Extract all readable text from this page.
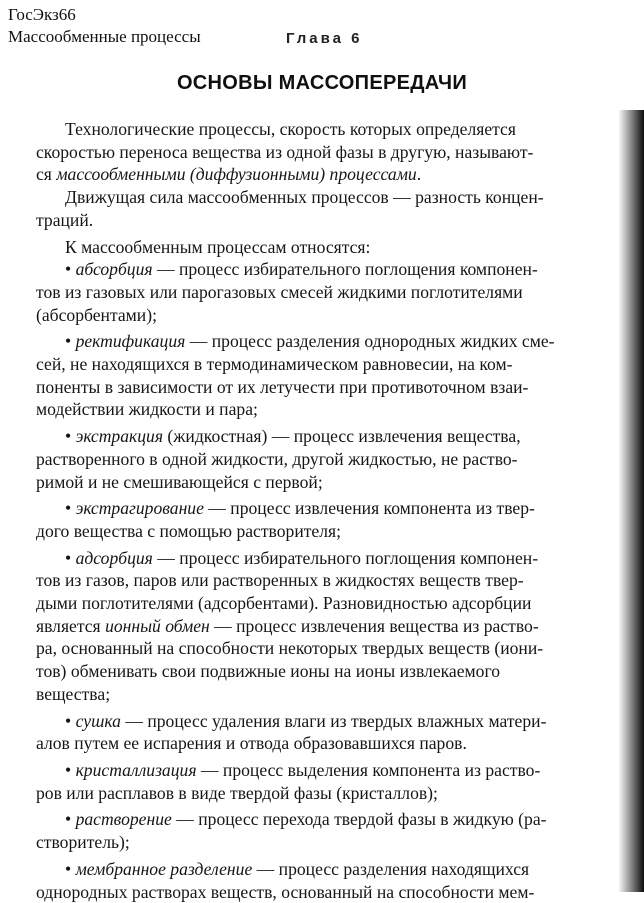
ГосЭкз66
Массообменные процессы	Глава 6
ОСНОВЫ МАССОПЕРЕДАЧИ
Технологические процессы, скорость которых определяется
скоростью переноса вещества из одной фазы в другую, называют-
ся массообменными (диффузионными) процессами.
Движущая сила массообменных процессов — разность концен-
траций.
К массообменным процессам относятся:
• абсорбция — процесс избирательного поглощения компонен-
тов из газовых или парогазовых смесей жидкими поглотителями
(абсорбентами);
• ректификация — процесс разделения однородных жидких сме-
сей, не находящихся в термодинамическом равновесии, на ком-
поненты в зависимости от их летучести при противоточном взаи-
модействии жидкости и пара;
• экстракция (жидкостная) — процесс извлечения вещества,
растворенного в одной жидкости, другой жидкостью, не раство-
римой и не смешивающейся с первой;
• экстрагирование — процесс извлечения компонента из твер-
дого вещества с помощью растворителя;
• адсорбция — процесс избирательного поглощения компонен-
тов из газов, паров или растворенных в жидкостях веществ твер-
дыми поглотителями (адсорбентами). Разновидностью адсорбции
является ионный обмен — процесс извлечения вещества из раство-
ра, основанный на способности некоторых твердых веществ (иони-
тов) обменивать свои подвижные ионы на ионы извлекаемого
вещества;
• сушка — процесс удаления влаги из твердых влажных матери-
алов путем ее испарения и отвода образовавшихся паров.
• кристаллизация — процесс выделения компонента из раство-
ров или расплавов в виде твердой фазы (кристаллов);
• растворение — процесс перехода твердой фазы в жидкую (ра-
створитель);
• мембранное разделение — процесс разделения находящихся
однородных растворах веществ, основанный на способности мем-
